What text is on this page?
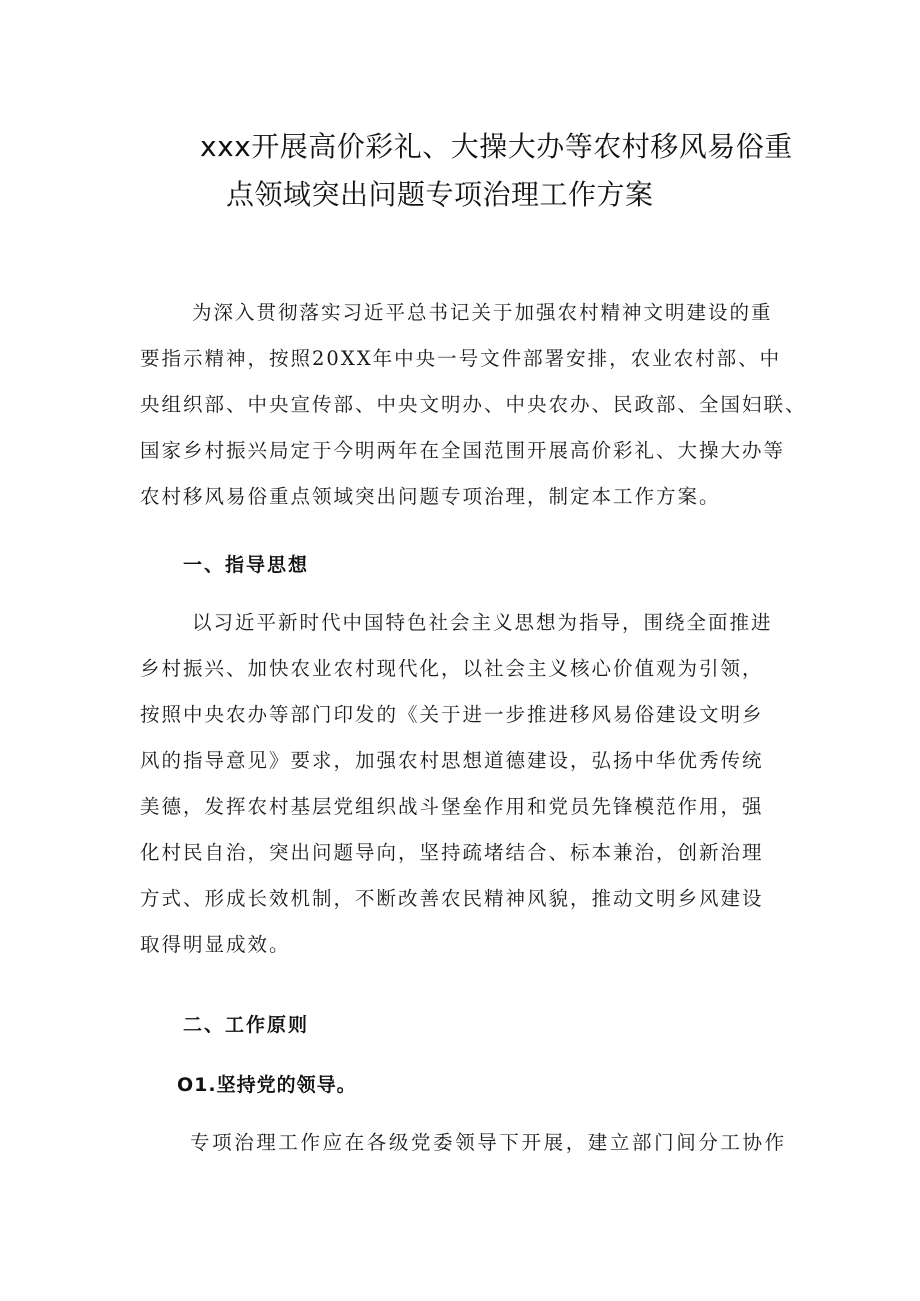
xxx开展高价彩礼、大操大办等农村移风易俗重
点领域突出问题专项治理工作方案
为深入贯彻落实习近平总书记关于加强农村精神文明建设的重
要指示精神，按照20XX年中央一号文件部署安排，农业农村部、中
央组织部、中央宣传部、中央文明办、中央农办、民政部、全国妇联、
国家乡村振兴局定于今明两年在全国范围开展高价彩礼、大操大办等
农村移风易俗重点领域突出问题专项治理，制定本工作方案。
一、指导思想
以习近平新时代中国特色社会主义思想为指导，围绕全面推进
乡村振兴、加快农业农村现代化，以社会主义核心价值观为引领，
按照中央农办等部门印发的《关于进一步推进移风易俗建设文明乡
风的指导意见》要求，加强农村思想道德建设，弘扬中华优秀传统
美德，发挥农村基层党组织战斗堡垒作用和党员先锋模范作用，强
化村民自治，突出问题导向，坚持疏堵结合、标本兼治，创新治理
方式、形成长效机制，不断改善农民精神风貌，推动文明乡风建设
取得明显成效。
二、工作原则
O1.坚持党的领导。
专项治理工作应在各级党委领导下开展，建立部门间分工协作
